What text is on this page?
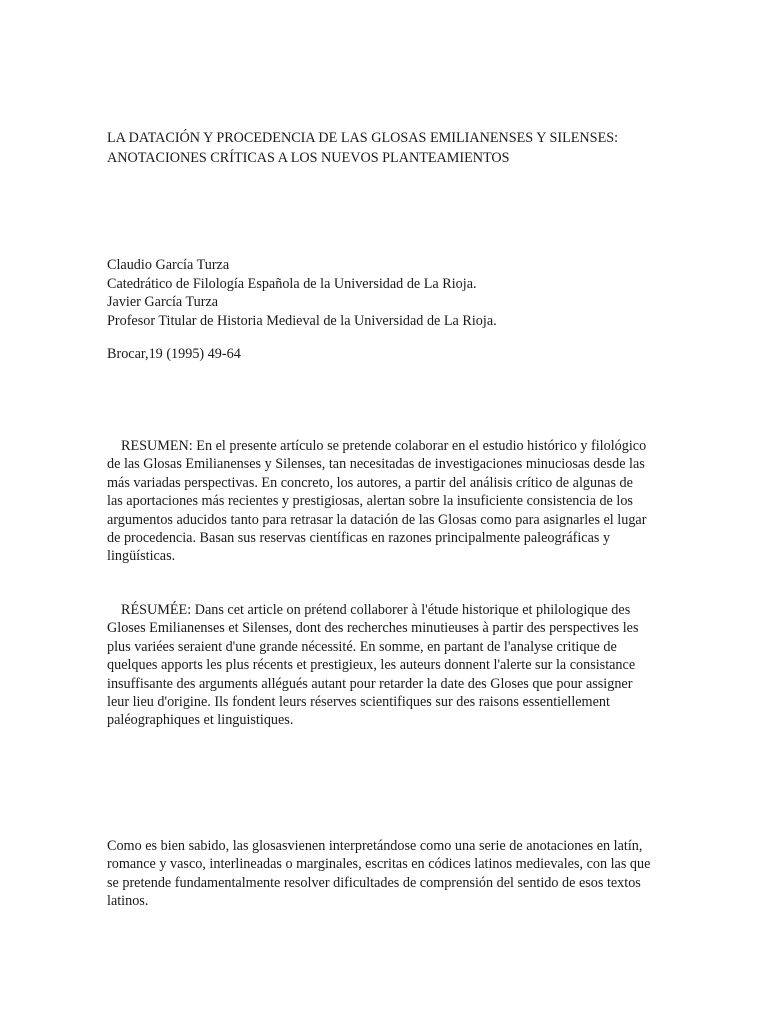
LA DATACIÓN Y PROCEDENCIA DE LAS GLOSAS EMILIANENSES Y SILENSES:
ANOTACIONES CRÍTICAS A LOS NUEVOS PLANTEAMIENTOS
Claudio García Turza
Catedrático de Filología Española de la Universidad de La Rioja.
Javier García Turza
Profesor Titular de Historia Medieval de la Universidad de La Rioja.
Brocar,19 (1995) 49-64

RESUMEN: En el presente artículo se pretende colaborar en el estudio histórico y filológico de las Glosas Emilianenses y Silenses, tan necesitadas de investigaciones minuciosas desde las más variadas perspectivas. En concreto, los autores, a partir del análisis crítico de algunas de las aportaciones más recientes y prestigiosas, alertan sobre la insuficiente consistencia de los argumentos aducidos tanto para retrasar la datación de las Glosas como para asignarles el lugar de procedencia. Basan sus reservas científicas en razones principalmente paleográficas y lingüísticas.

RÉSUMÉE: Dans cet article on prétend collaborer à l'étude historique et philologique des Gloses Emilianenses et Silenses, dont des recherches minutieuses à partir des perspectives les plus variées seraient d'une grande nécessité. En somme, en partant de l'analyse critique de quelques apports les plus récents et prestigieux, les auteurs donnent l'alerte sur la consistance insuffisante des arguments allégués autant pour retarder la date des Gloses que pour assigner leur lieu d'origine. Ils fondent leurs réserves scientifiques sur des raisons essentiellement paléographiques et linguistiques.

Como es bien sabido, las glosasvienen interpretándose como una serie de anotaciones en latín, romance y vasco, interlineadas o marginales, escritas en códices latinos medievales, con las que se pretende fundamentalmente resolver dificultades de comprensión del sentido de esos textos latinos.
